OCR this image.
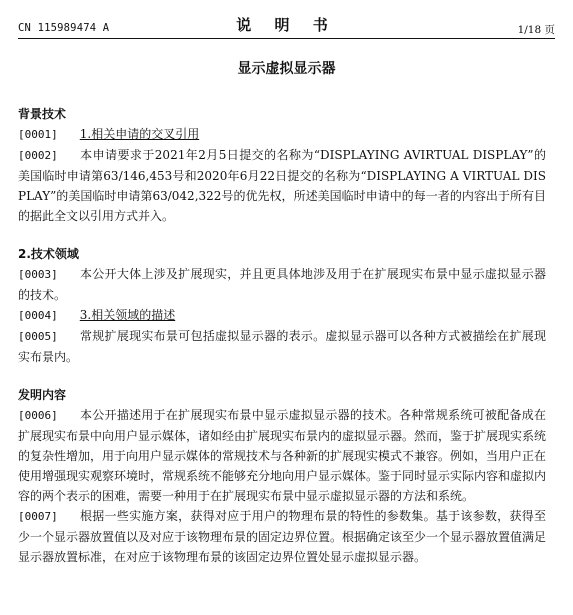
CN 115989474 A	说 明 书	1/18 页
显示虚拟显示器
背景技术

[0001] 1.相关申请的交叉引用

[0002] 本申请要求于2021年2月5日提交的名称为“DISPLAYING AVIRTUAL DISPLAY”的美国临时申请第63/146,453号和2020年6月22日提交的名称为“DISPLAYING A VIRTUAL DISPLAY”的美国临时申请第63/042,322号的优先权，所述美国临时申请中的每一者的内容出于所有目的据此全文以引用方式并入。

2.技术领域

[0003] 本公开大体上涉及扩展现实，并且更具体地涉及用于在扩展现实布景中显示虚拟显示器的技术。

[0004] 3.相关领域的描述

[0005] 常规扩展现实布景可包括虚拟显示器的表示。虚拟显示器可以各种方式被描绘在扩展现实布景内。

发明内容

[0006] 本公开描述用于在扩展现实布景中显示虚拟显示器的技术。各种常规系统可被配备成在扩展现实布景中向用户显示媒体，诸如经由扩展现实布景内的虚拟显示器。然而，鉴于扩展现实系统的复杂性增加，用于向用户显示媒体的常规技术与各种新的扩展现实模式不兼容。例如，当用户正在使用增强现实观察环境时，常规系统不能够充分地向用户显示媒体。鉴于同时显示实际内容和虚拟内容的两个表示的困难，需要一种用于在扩展现实布景中显示虚拟显示器的方法和系统。

[0007] 根据一些实施方案，获得对应于用户的物理布景的特性的参数集。基于该参数，获得至少一个显示器放置值以及对应于该物理布景的固定边界位置。根据确定该至少一个显示器放置值满足显示器放置标准，在对应于该物理布景的该固定边界位置处显示虚拟显示器。
